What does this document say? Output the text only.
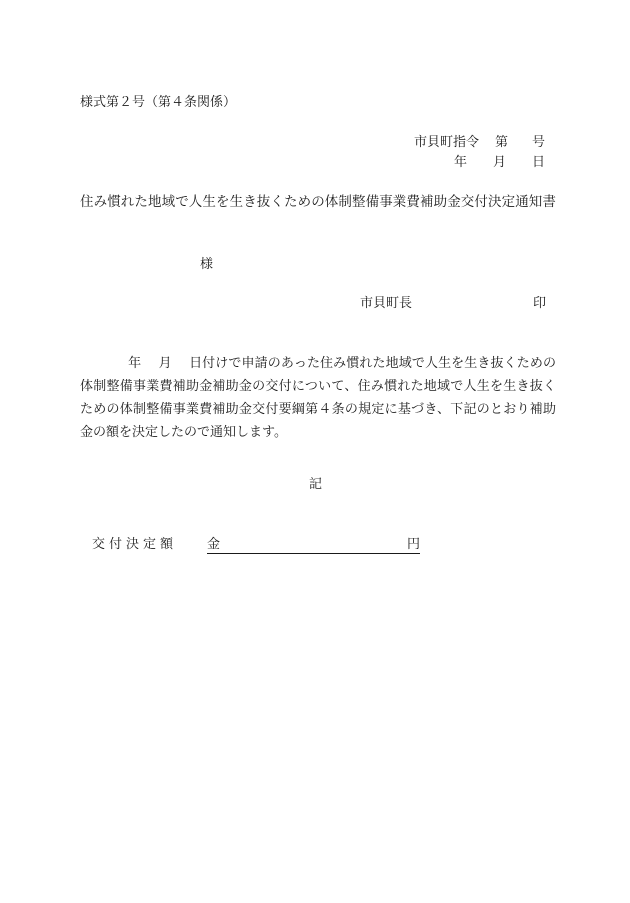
様式第２号（第４条関係）
市貝町指令 第 号
年 月 日
住み慣れた地域で人生を生き抜くための体制整備事業費補助金交付決定通知書
様
市貝町長	印
年　 月　 日付けで申請のあった住み慣れた地域で人生を生き抜くための体制整備事業費補助金補助金の交付について、住み慣れた地域で人生を生き抜くための体制整備事業費補助金交付要綱第４条の規定に基づき、下記のとおり補助金の額を決定したので通知します。
記
交付決定額 金	円
